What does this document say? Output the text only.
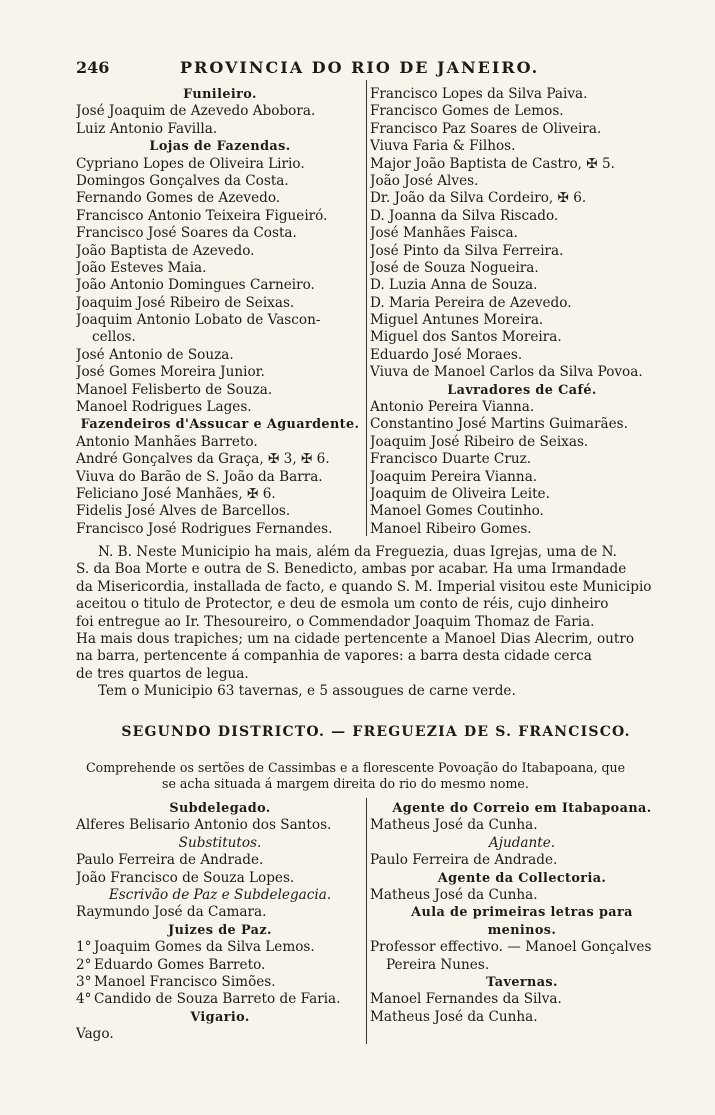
246	PROVINCIA DO RIO DE JANEIRO.
Funileiro.
José Joaquim de Azevedo Abobora.
Luiz Antonio Favilla.
Lojas de Fazendas.
Cypriano Lopes de Oliveira Lirio.
Domingos Gonçalves da Costa.
Fernando Gomes de Azevedo.
Francisco Antonio Teixeira Figueiró.
Francisco José Soares da Costa.
João Baptista de Azevedo.
João Esteves Maia.
João Antonio Domingues Carneiro.
Joaquim José Ribeiro de Seixas.
Joaquim Antonio Lobato de Vascon-
cellos.
José Antonio de Souza.
José Gomes Moreira Junior.
Manoel Felisberto de Souza.
Manoel Rodrigues Lages.
Fazendeiros d'Assucar e Aguardente.
Antonio Manhães Barreto.
André Gonçalves da Graça, ✠ 3, ✠ 6.
Viuva do Barão de S. João da Barra.
Feliciano José Manhães, ✠ 6.
Fidelis José Alves de Barcellos.
Francisco José Rodrigues Fernandes.
Francisco Lopes da Silva Paiva.
Francisco Gomes de Lemos.
Francisco Paz Soares de Oliveira.
Viuva Faria & Filhos.
Major João Baptista de Castro, ✠ 5.
João José Alves.
Dr. João da Silva Cordeiro, ✠ 6.
D. Joanna da Silva Riscado.
José Manhães Faisca.
José Pinto da Silva Ferreira.
José de Souza Nogueira.
D. Luzia Anna de Souza.
D. Maria Pereira de Azevedo.
Miguel Antunes Moreira.
Miguel dos Santos Moreira.
Eduardo José Moraes.
Viuva de Manoel Carlos da Silva Povoa.
Lavradores de Café.
Antonio Pereira Vianna.
Constantino José Martins Guimarães.
Joaquim José Ribeiro de Seixas.
Francisco Duarte Cruz.
Joaquim Pereira Vianna.
Joaquim de Oliveira Leite.
Manoel Gomes Coutinho.
Manoel Ribeiro Gomes.
N. B. Neste Municipio ha mais, além da Freguezia, duas Igrejas, uma de N.
S. da Boa Morte e outra de S. Benedicto, ambas por acabar. Ha uma Irmandade
da Misericordia, installada de facto, e quando S. M. Imperial visitou este Municipio
aceitou o titulo de Protector, e deu de esmola um conto de réis, cujo dinheiro
foi entregue ao Ir. Thesoureiro, o Commendador Joaquim Thomaz de Faria.
Ha mais dous trapiches; um na cidade pertencente a Manoel Dias Alecrim, outro
na barra, pertencente á companhia de vapores: a barra desta cidade cerca
de tres quartos de legua.
Tem o Municipio 63 tavernas, e 5 assougues de carne verde.
SEGUNDO DISTRICTO. — FREGUEZIA DE S. FRANCISCO.
Comprehende os sertões de Cassimbas e a florescente Povoação do Itabapoana, que
se acha situada á margem direita do rio do mesmo nome.
Subdelegado.
Alferes Belisario Antonio dos Santos.
Substitutos.
Paulo Ferreira de Andrade.
João Francisco de Souza Lopes.
Escrivão de Paz e Subdelegacia.
Raymundo José da Camara.
Juizes de Paz.
1° Joaquim Gomes da Silva Lemos.
2° Eduardo Gomes Barreto.
3° Manoel Francisco Simões.
4° Candido de Souza Barreto de Faria.
Vigario.
Vago.
Agente do Correio em Itabapoana.
Matheus José da Cunha.
Ajudante.
Paulo Ferreira de Andrade.
Agente da Collectoria.
Matheus José da Cunha.
Aula de primeiras letras para
meninos.
Professor effectivo. — Manoel Gonçalves
Pereira Nunes.
Tavernas.
Manoel Fernandes da Silva.
Matheus José da Cunha.
